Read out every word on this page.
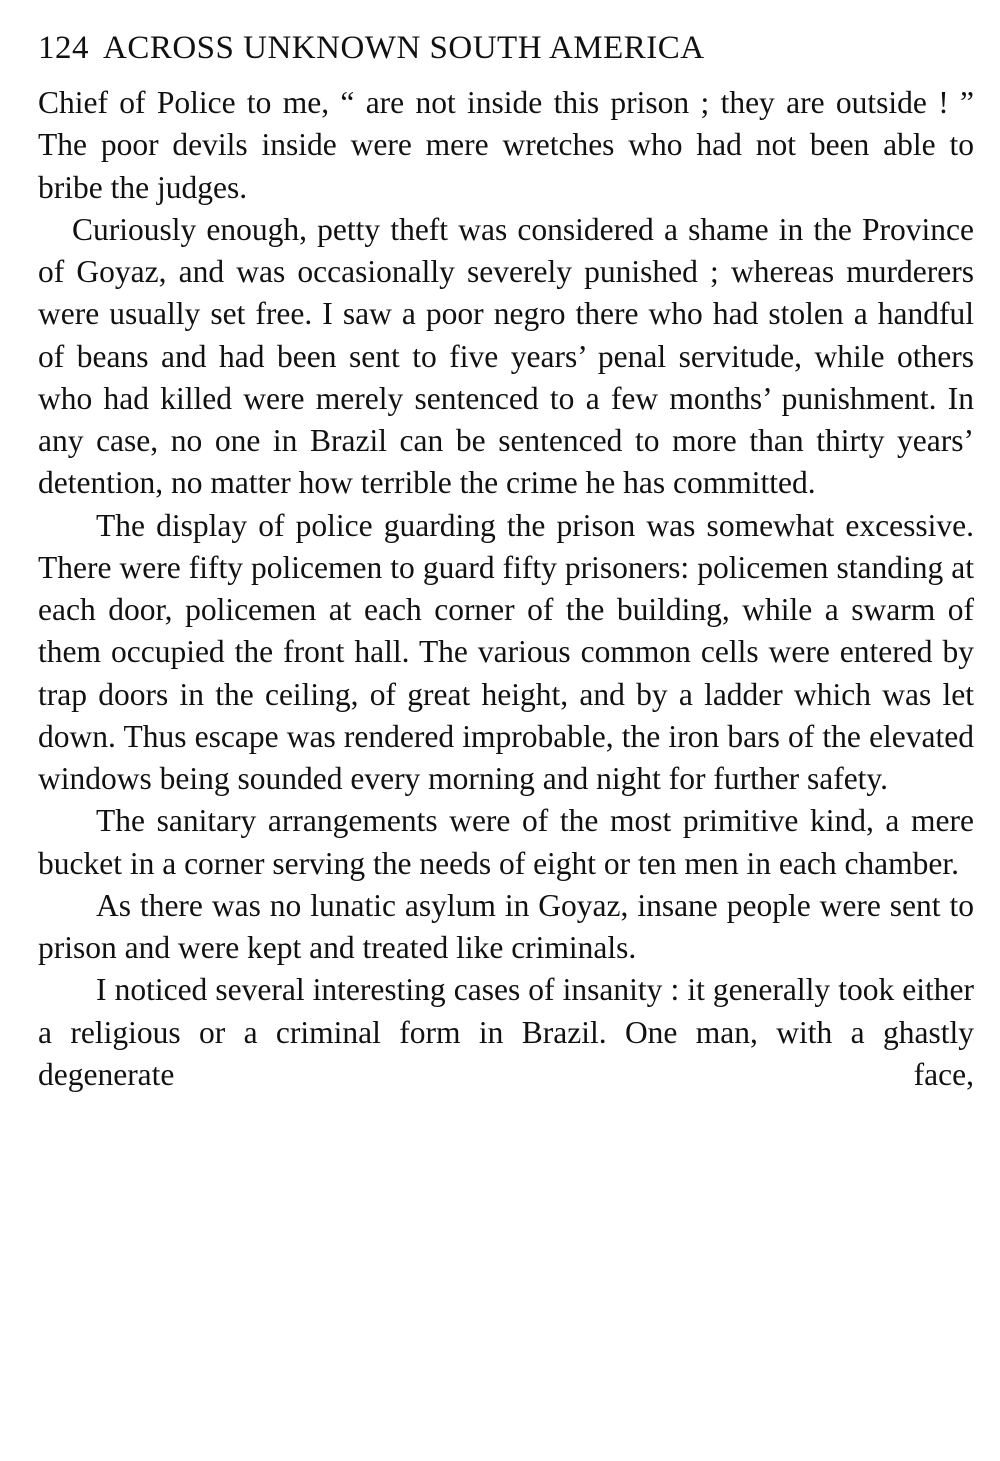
124 ACROSS UNKNOWN SOUTH AMERICA

Chief of Police to me, “ are not inside this prison ; they are outside ! ” The poor devils inside were mere wretches who had not been able to bribe the judges.

Curiously enough, petty theft was considered a shame in the Province of Goyaz, and was occasionally severely punished ; whereas murderers were usually set free. I saw a poor negro there who had stolen a handful of beans and had been sent to five years’ penal servitude, while others who had killed were merely sentenced to a few months’ punishment. In any case, no one in Brazil can be sentenced to more than thirty years’ detention, no matter how terrible the crime he has committed.

The display of police guarding the prison was somewhat excessive. There were fifty policemen to guard fifty prisoners: policemen standing at each door, policemen at each corner of the building, while a swarm of them occupied the front hall. The various common cells were entered by trap doors in the ceiling, of great height, and by a ladder which was let down. Thus escape was rendered improbable, the iron bars of the elevated windows being sounded every morning and night for further safety.

The sanitary arrangements were of the most primitive kind, a mere bucket in a corner serving the needs of eight or ten men in each chamber.

As there was no lunatic asylum in Goyaz, insane people were sent to prison and were kept and treated like criminals.

I noticed several interesting cases of insanity : it generally took either a religious or a criminal form in Brazil. One man, with a ghastly degenerate face,
